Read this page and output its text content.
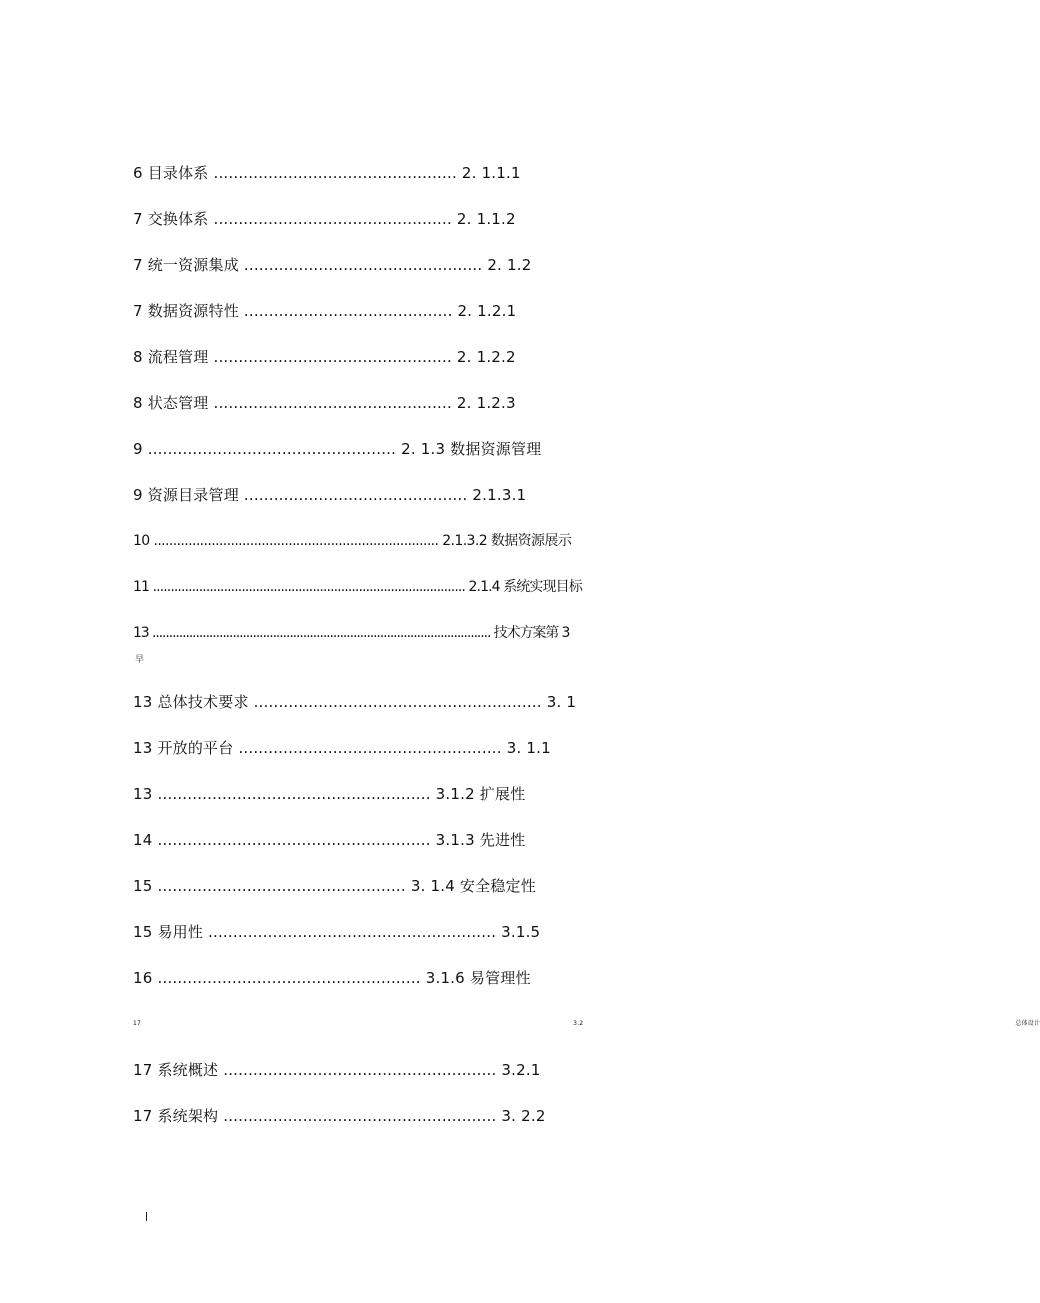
6 目录体系 ................................................. 2. 1.1.1
7 交换体系 ................................................ 2. 1.1.2
7 统一资源集成 ................................................ 2. 1.2
7 数据资源特性 .......................................... 2. 1.2.1
8 流程管理 ................................................ 2. 1.2.2
8 状态管理 ................................................ 2. 1.2.3
9 .................................................. 2. 1.3 数据资源管理
9 资源目录管理 ............................................. 2.1.3.1
10 .......................................................................... 2.1.3.2 数据资源展示
11 ........................................................................................ 2.1.4 系统实现目标
13 ..................................................................................................... 技术方案第 3
早
13 总体技术要求 .......................................................... 3. 1
13 开放的平台 ..................................................... 3. 1.1
13 ....................................................... 3.1.2 扩展性
14 ....................................................... 3.1.3 先进性
15 .................................................. 3. 1.4 安全稳定性
15 易用性 .......................................................... 3.1.5
16 ..................................................... 3.1.6 易管理性
17 3.2 总体设计
17 系统概述 ....................................................... 3.2.1
17 系统架构 ....................................................... 3. 2.2
